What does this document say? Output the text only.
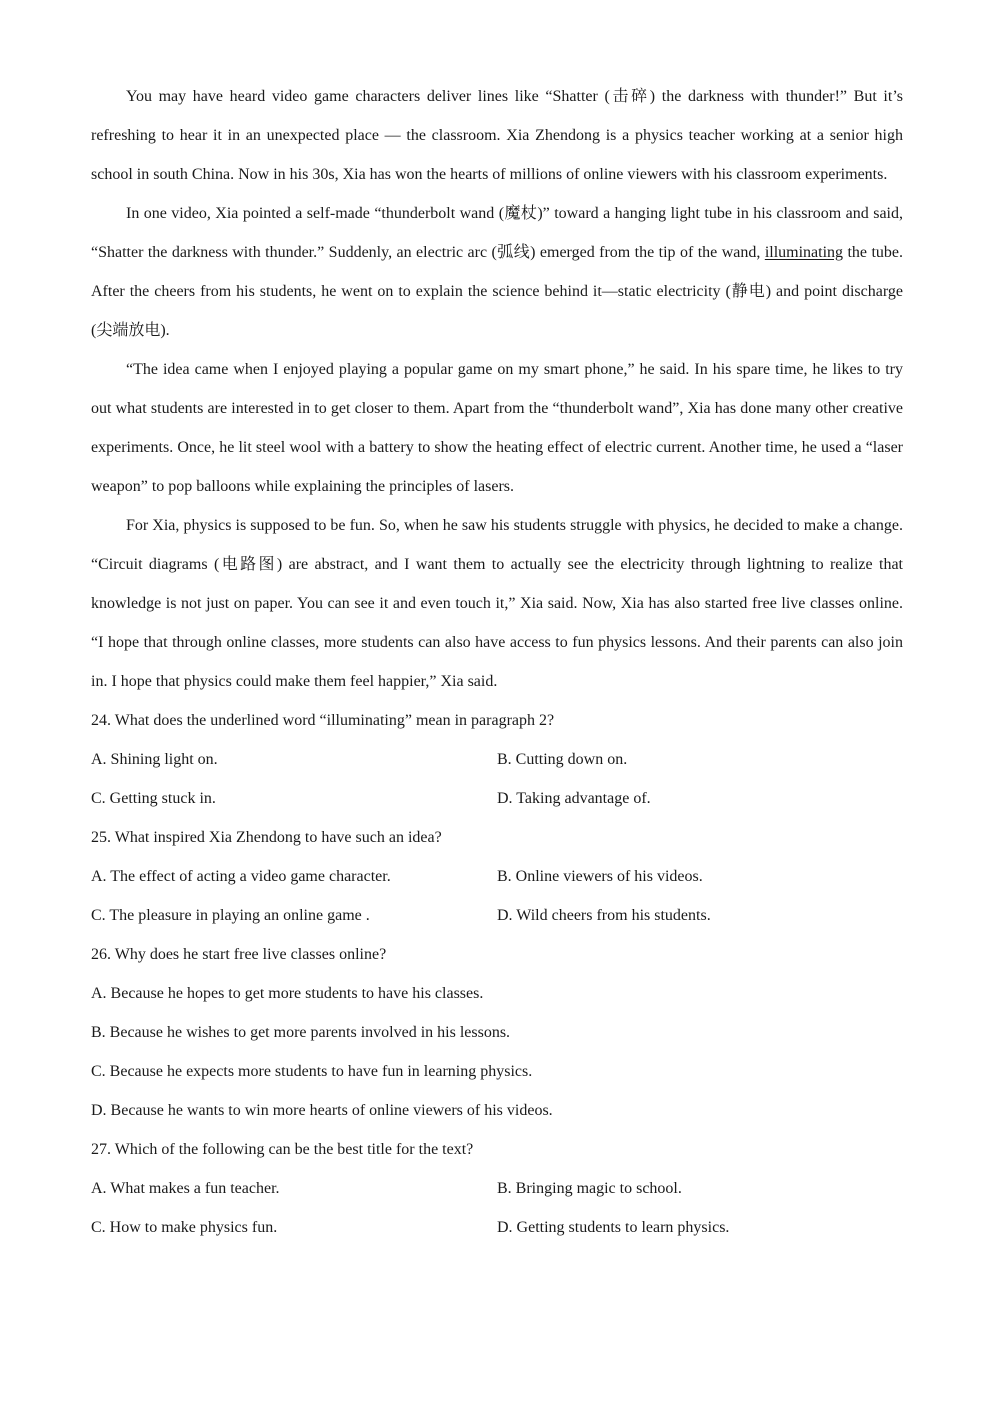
You may have heard video game characters deliver lines like “Shatter (击碎) the darkness with thunder!” But it’s refreshing to hear it in an unexpected place — the classroom. Xia Zhendong is a physics teacher working at a senior high school in south China. Now in his 30s, Xia has won the hearts of millions of online viewers with his classroom experiments.

In one video, Xia pointed a self-made “thunderbolt wand (魔杖)” toward a hanging light tube in his classroom and said, “Shatter the darkness with thunder.” Suddenly, an electric arc (弧线) emerged from the tip of the wand, illuminating the tube. After the cheers from his students, he went on to explain the science behind it—static electricity (静电) and point discharge (尖端放电).

“The idea came when I enjoyed playing a popular game on my smart phone,” he said. In his spare time, he likes to try out what students are interested in to get closer to them. Apart from the “thunderbolt wand”, Xia has done many other creative experiments. Once, he lit steel wool with a battery to show the heating effect of electric current. Another time, he used a “laser weapon” to pop balloons while explaining the principles of lasers.

For Xia, physics is supposed to be fun. So, when he saw his students struggle with physics, he decided to make a change. “Circuit diagrams (电路图) are abstract, and I want them to actually see the electricity through lightning to realize that knowledge is not just on paper. You can see it and even touch it,” Xia said. Now, Xia has also started free live classes online. “I hope that through online classes, more students can also have access to fun physics lessons. And their parents can also join in. I hope that physics could make them feel happier,” Xia said.

24. What does the underlined word “illuminating” mean in paragraph 2?

A. Shining light on.	B. Cutting down on.
C. Getting stuck in.	D. Taking advantage of.

25. What inspired Xia Zhendong to have such an idea?

A. The effect of acting a video game character.	B. Online viewers of his videos.
C. The pleasure in playing an online game .	D. Wild cheers from his students.

26. Why does he start free live classes online?

A. Because he hopes to get more students to have his classes.

B. Because he wishes to get more parents involved in his lessons.

C. Because he expects more students to have fun in learning physics.

D. Because he wants to win more hearts of online viewers of his videos.

27. Which of the following can be the best title for the text?

A. What makes a fun teacher.	B. Bringing magic to school.
C. How to make physics fun.	D. Getting students to learn physics.
